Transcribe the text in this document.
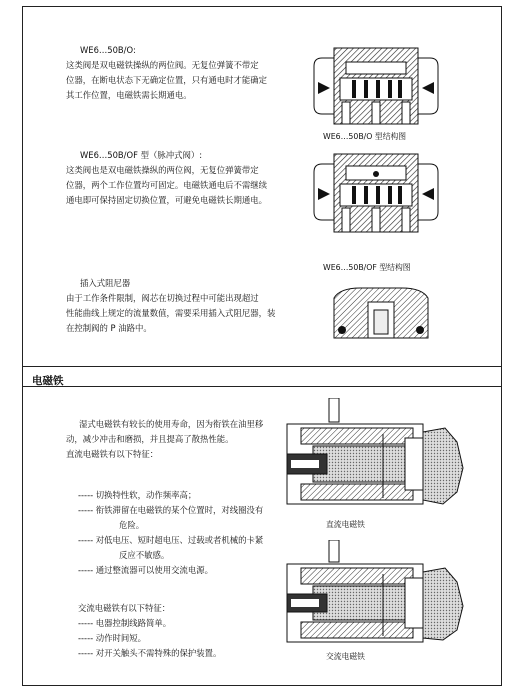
WE6…50B/O:
这类阀是双电磁铁操纵的两位阀。无复位弹簧不带定
位器，在断电状态下无确定位置，只有通电时才能确定
其工作位置，电磁铁需长期通电。
WE6…50B/O 型结构图
WE6…50B/OF 型（脉冲式阀）:
这类阀也是双电磁铁操纵的两位阀，无复位弹簧带定
位器，两个工作位置均可固定。电磁铁通电后不需继续
通电即可保持固定切换位置，可避免电磁铁长期通电。
WE6…50B/OF 型结构图
插入式阻尼器
由于工作条件限制，阀芯在切换过程中可能出现超过
性能曲线上规定的流量数值，需要采用插入式阻尼器，装
在控制阀的 P 油路中。
电磁铁
湿式电磁铁有较长的使用寿命，因为衔铁在油里移
动，减少冲击和磨损，并且提高了散热性能。
直流电磁铁有以下特征：
----- 切换特性软，动作频率高；
----- 衔铁滞留在电磁铁的某个位置时，对线圈没有
危险。
----- 对低电压、短时超电压、过载或者机械的卡紧
反应不敏感。
----- 通过整流器可以使用交流电源。
交流电磁铁有以下特征：
----- 电器控制线路简单。
----- 动作时间短。
----- 对开关触头不需特殊的保护装置。
直流电磁铁
交流电磁铁
